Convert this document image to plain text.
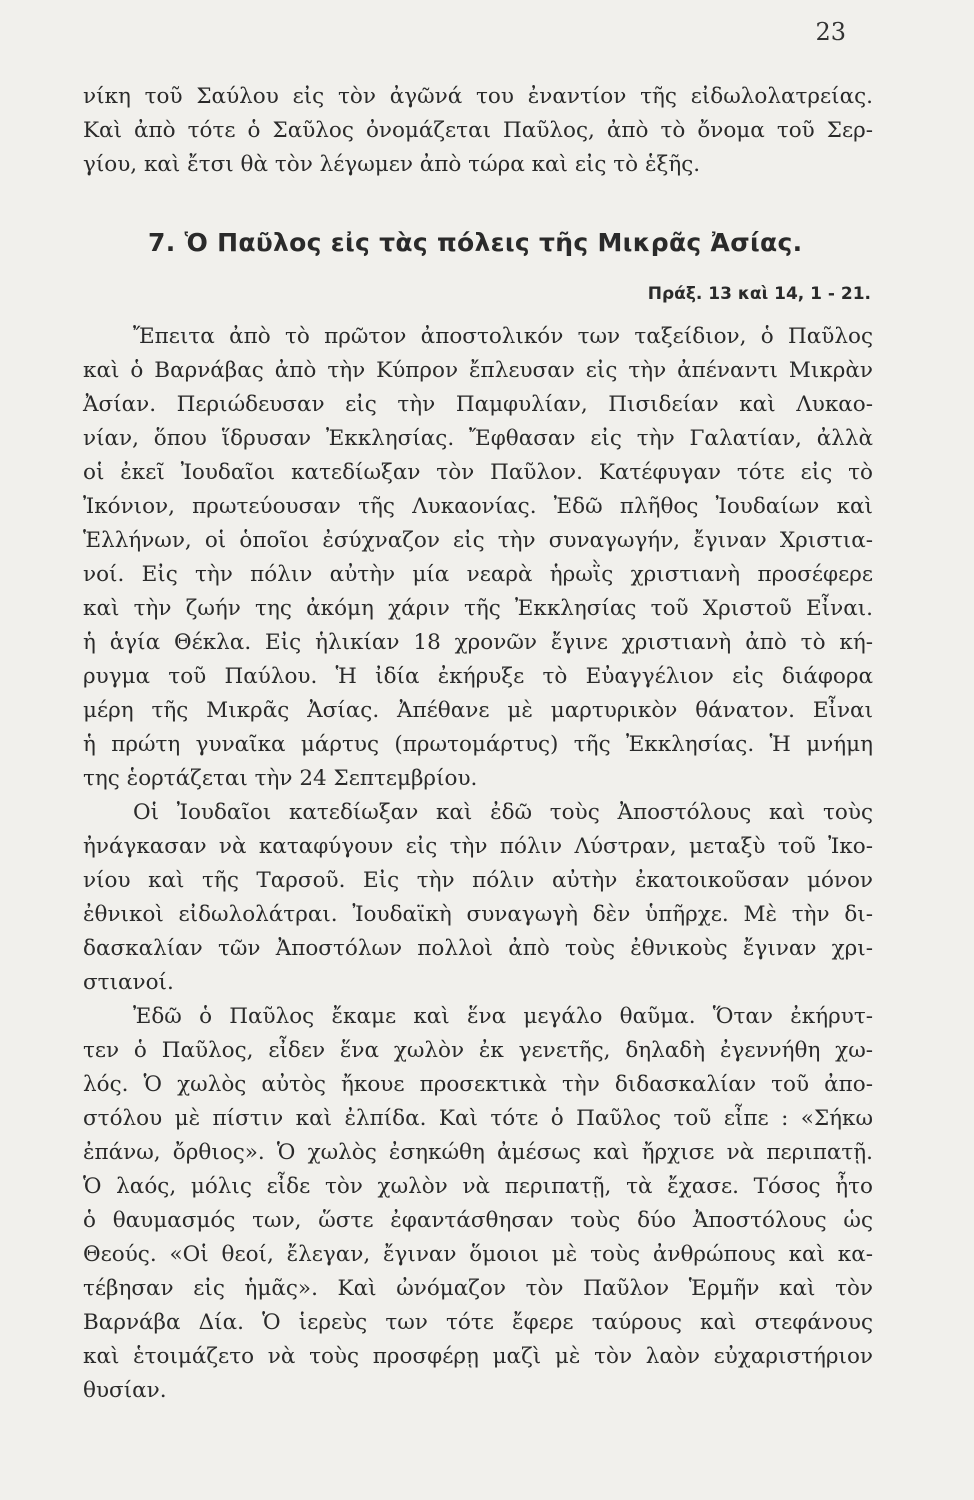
23
νίκη τοῦ Σαύλου εἰς τὸν ἀγῶνά του ἐναντίον τῆς εἰδωλολατρείας.
Καὶ ἀπὸ τότε ὁ Σαῦλος ὀνομάζεται Παῦλος, ἀπὸ τὸ ὄνομα τοῦ Σερ-
γίου, καὶ ἔτσι θὰ τὸν λέγωμεν ἀπὸ τώρα καὶ εἰς τὸ ἑξῆς.
7. Ὁ Παῦλος εἰς τὰς πόλεις τῆς Μικρᾶς Ἀσίας.
Πράξ. 13 καὶ 14, 1 - 21.
Ἔπειτα ἀπὸ τὸ πρῶτον ἀποστολικόν των ταξείδιον, ὁ Παῦλος
καὶ ὁ Βαρνάβας ἀπὸ τὴν Κύπρον ἔπλευσαν εἰς τὴν ἀπέναντι Μικρὰν
Ἀσίαν. Περιώδευσαν εἰς τὴν Παμφυλίαν, Πισιδείαν καὶ Λυκαο-
νίαν, ὅπου ἵδρυσαν Ἐκκλησίας. Ἔφθασαν εἰς τὴν Γαλατίαν, ἀλλὰ
οἱ ἐκεῖ Ἰουδαῖοι κατεδίωξαν τὸν Παῦλον. Κατέφυγαν τότε εἰς τὸ
Ἰκόνιον, πρωτεύουσαν τῆς Λυκαονίας. Ἐδῶ πλῆθος Ἰουδαίων καὶ
Ἑλλήνων, οἱ ὁποῖοι ἐσύχναζον εἰς τὴν συναγωγήν, ἔγιναν Χριστια-
νοί. Εἰς τὴν πόλιν αὐτὴν μία νεαρὰ ἡρωῒς χριστιανὴ προσέφερε
καὶ τὴν ζωήν της ἀκόμη χάριν τῆς Ἐκκλησίας τοῦ Χριστοῦ Εἶναι.
ἡ ἁγία Θέκλα. Εἰς ἡλικίαν 18 χρονῶν ἔγινε χριστιανὴ ἀπὸ τὸ κή-
ρυγμα τοῦ Παύλου. Ἡ ἰδία ἐκήρυξε τὸ Εὐαγγέλιον εἰς διάφορα
μέρη τῆς Μικρᾶς Ἀσίας. Ἀπέθανε μὲ μαρτυρικὸν θάνατον. Εἶναι
ἡ πρώτη γυναῖκα μάρτυς (πρωτομάρτυς) τῆς Ἐκκλησίας. Ἡ μνήμη
της ἑορτάζεται τὴν 24 Σεπτεμβρίου.
Οἱ Ἰουδαῖοι κατεδίωξαν καὶ ἐδῶ τοὺς Ἀποστόλους καὶ τοὺς
ἠνάγκασαν νὰ καταφύγουν εἰς τὴν πόλιν Λύστραν, μεταξὺ τοῦ Ἰκο-
νίου καὶ τῆς Ταρσοῦ. Εἰς τὴν πόλιν αὐτὴν ἐκατοικοῦσαν μόνον
ἐθνικοὶ εἰδωλολάτραι. Ἰουδαϊκὴ συναγωγὴ δὲν ὑπῆρχε. Μὲ τὴν δι-
δασκαλίαν τῶν Ἀποστόλων πολλοὶ ἀπὸ τοὺς ἐθνικοὺς ἔγιναν χρι-
στιανοί.
Ἐδῶ ὁ Παῦλος ἔκαμε καὶ ἕνα μεγάλο θαῦμα. Ὅταν ἐκήρυτ-
τεν ὁ Παῦλος, εἶδεν ἕνα χωλὸν ἐκ γενετῆς, δηλαδὴ ἐγεννήθη χω-
λός. Ὁ χωλὸς αὐτὸς ἤκουε προσεκτικὰ τὴν διδασκαλίαν τοῦ ἀπο-
στόλου μὲ πίστιν καὶ ἐλπίδα. Καὶ τότε ὁ Παῦλος τοῦ εἶπε : «Σήκω
ἐπάνω, ὄρθιος». Ὁ χωλὸς ἐσηκώθη ἀμέσως καὶ ἤρχισε νὰ περιπατῇ.
Ὁ λαός, μόλις εἶδε τὸν χωλὸν νὰ περιπατῇ, τὰ ἔχασε. Τόσος ἦτο
ὁ θαυμασμός των, ὥστε ἐφαντάσθησαν τοὺς δύο Ἀποστόλους ὡς
Θεούς. «Οἱ θεοί, ἔλεγαν, ἔγιναν ὅμοιοι μὲ τοὺς ἀνθρώπους καὶ κα-
τέβησαν εἰς ἡμᾶς». Καὶ ὠνόμαζον τὸν Παῦλον Ἑρμῆν καὶ τὸν
Βαρνάβα Δία. Ὁ ἱερεὺς των τότε ἔφερε ταύρους καὶ στεφάνους
καὶ ἑτοιμάζετο νὰ τοὺς προσφέρῃ μαζὶ μὲ τὸν λαὸν εὐχαριστήριον
θυσίαν.
